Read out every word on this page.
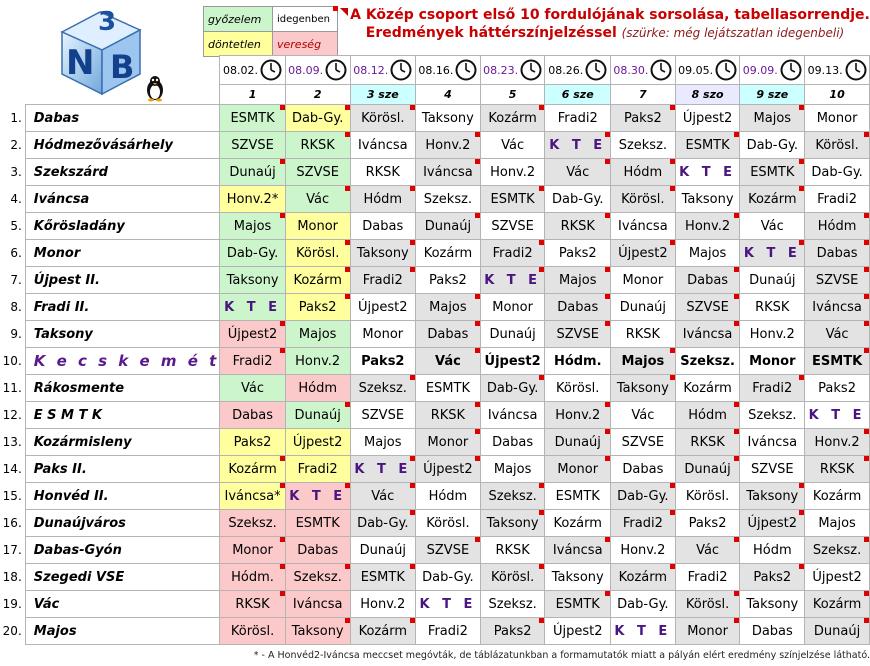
3
N B
győzelem	idegenben

döntetlen	vereség
A Közép csoport első 10 fordulójának sorsolása, tabellasorrendje.
Eredmények háttérszínjelzéssel (szürke: még lejátszatlan idegenbeli)
		08.02.	08.09.	08.12.	08.16.	08.23.	08.26.	08.30.	09.05.	09.09.	09.13.
		1	2	3 sze	4	5	6 sze	7	8 szo	9 sze	10
1.	Dabas	ESMTK	Dab-Gy.	Körösl.	Taksony	Kozárm	Fradi2	Paks2	Újpest2	Majos	Monor
2.	Hódmezővásárhely	SZVSE	RKSK	Iváncsa	Honv.2	Vác	K T E	Szeksz.	ESMTK	Dab-Gy.	Körösl.

3.	Szekszárd	Dunaúj	SZVSE	RKSK	Iváncsa	Honv.2	Vác	Hódm	K T E	ESMTK	Dab-Gy.
4.	Iváncsa	Honv.2*	Vác	Hódm	Szeksz.	ESMTK	Dab-Gy.	Körösl.	Taksony	Kozárm	Fradi2
5.	Kőrösladány	Majos	Monor	Dabas	Dunaúj	SZVSE	RKSK	Iváncsa	Honv.2	Vác	Hódm

6.	Monor	Dab-Gy.	Körösl.	Taksony	Kozárm	Fradi2	Paks2	Újpest2	Majos	K T E	Dabas

7.	Újpest II.	Taksony	Kozárm	Fradi2	Paks2	K T E	Majos	Monor	Dabas	Dunaúj	SZVSE

8.	Fradi II.	K T E	Paks2	Újpest2	Majos	Monor	Dabas	Dunaúj	SZVSE	RKSK	Iváncsa

9.	Taksony	Újpest2	Majos	Monor	Dabas	Dunaúj	SZVSE	RKSK	Iváncsa	Honv.2	Vác

10.	K e c s k e m é t	Fradi2	Honv.2	Paks2	Vác	Újpest2	Hódm.	Majos	Szeksz.	Monor	ESMTK

11.	Rákosmente	Vác	Hódm	Szeksz.	ESMTK	Dab-Gy.	Körösl.	Taksony	Kozárm	Fradi2	Paks2
12.	E S M T K	Dabas	Dunaúj	SZVSE	RKSK	Iváncsa	Honv.2	Vác	Hódm	Szeksz.	K T E
13.	Kozármisleny	Paks2	Újpest2	Majos	Monor	Dabas	Dunaúj	SZVSE	RKSK	Iváncsa	Honv.2

14.	Paks II.	Kozárm	Fradi2	K T E	Újpest2	Majos	Monor	Dabas	Dunaúj	SZVSE	RKSK

15.	Honvéd II.	Iváncsa*	K T E	Vác	Hódm	Szeksz.	ESMTK	Dab-Gy.	Körösl.	Taksony	Kozárm
16.	Dunaújváros	Szeksz.	ESMTK	Dab-Gy.	Körösl.	Taksony	Kozárm	Fradi2	Paks2	Újpest2	Majos
17.	Dabas-Gyón	Monor	Dabas	Dunaúj	SZVSE	RKSK	Iváncsa	Honv.2	Vác	Hódm	Szeksz.

18.	Szegedi VSE	Hódm.	Szeksz.	ESMTK	Dab-Gy.	Körösl.	Taksony	Kozárm	Fradi2	Paks2	Újpest2
19.	Vác	RKSK	Iváncsa	Honv.2	K T E	Szeksz.	ESMTK	Dab-Gy.	Körösl.	Taksony	Kozárm

20.	Majos	Körösl.	Taksony	Kozárm	Fradi2	Paks2	Újpest2	K T E	Monor	Dabas	Dunaúj
* - A Honvéd2-Iváncsa meccset megóvták, de táblázatunkban a formamutatók miatt a pályán elért eredmény színjelzése látható.
